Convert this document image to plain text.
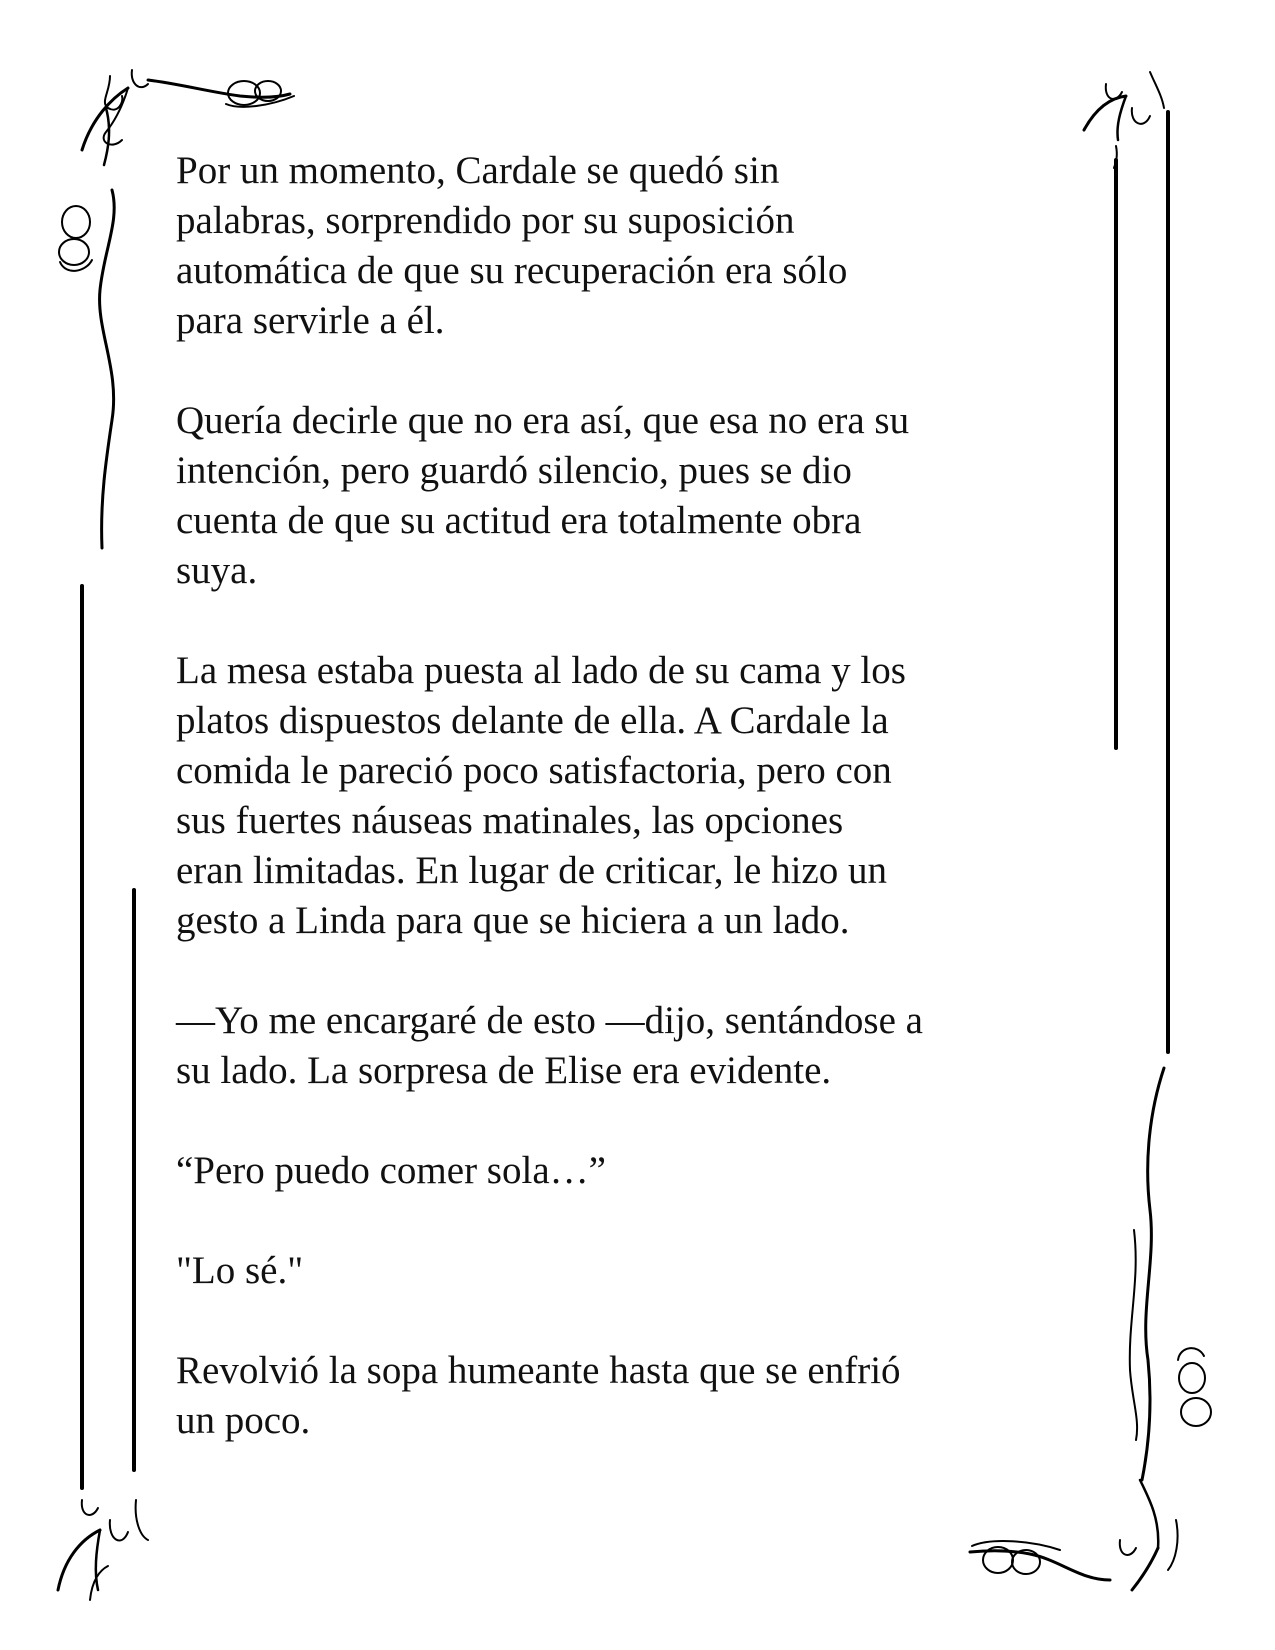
Por un momento, Cardale se quedó sin
palabras, sorprendido por su suposición
automática de que su recuperación era sólo
para servirle a él.

Quería decirle que no era así, que esa no era su
intención, pero guardó silencio, pues se dio
cuenta de que su actitud era totalmente obra
suya.

La mesa estaba puesta al lado de su cama y los
platos dispuestos delante de ella. A Cardale la
comida le pareció poco satisfactoria, pero con
sus fuertes náuseas matinales, las opciones
eran limitadas. En lugar de criticar, le hizo un
gesto a Linda para que se hiciera a un lado.

—Yo me encargaré de esto —dijo, sentándose a
su lado. La sorpresa de Elise era evidente.

“Pero puedo comer sola…”

"Lo sé."

Revolvió la sopa humeante hasta que se enfrió
un poco.
